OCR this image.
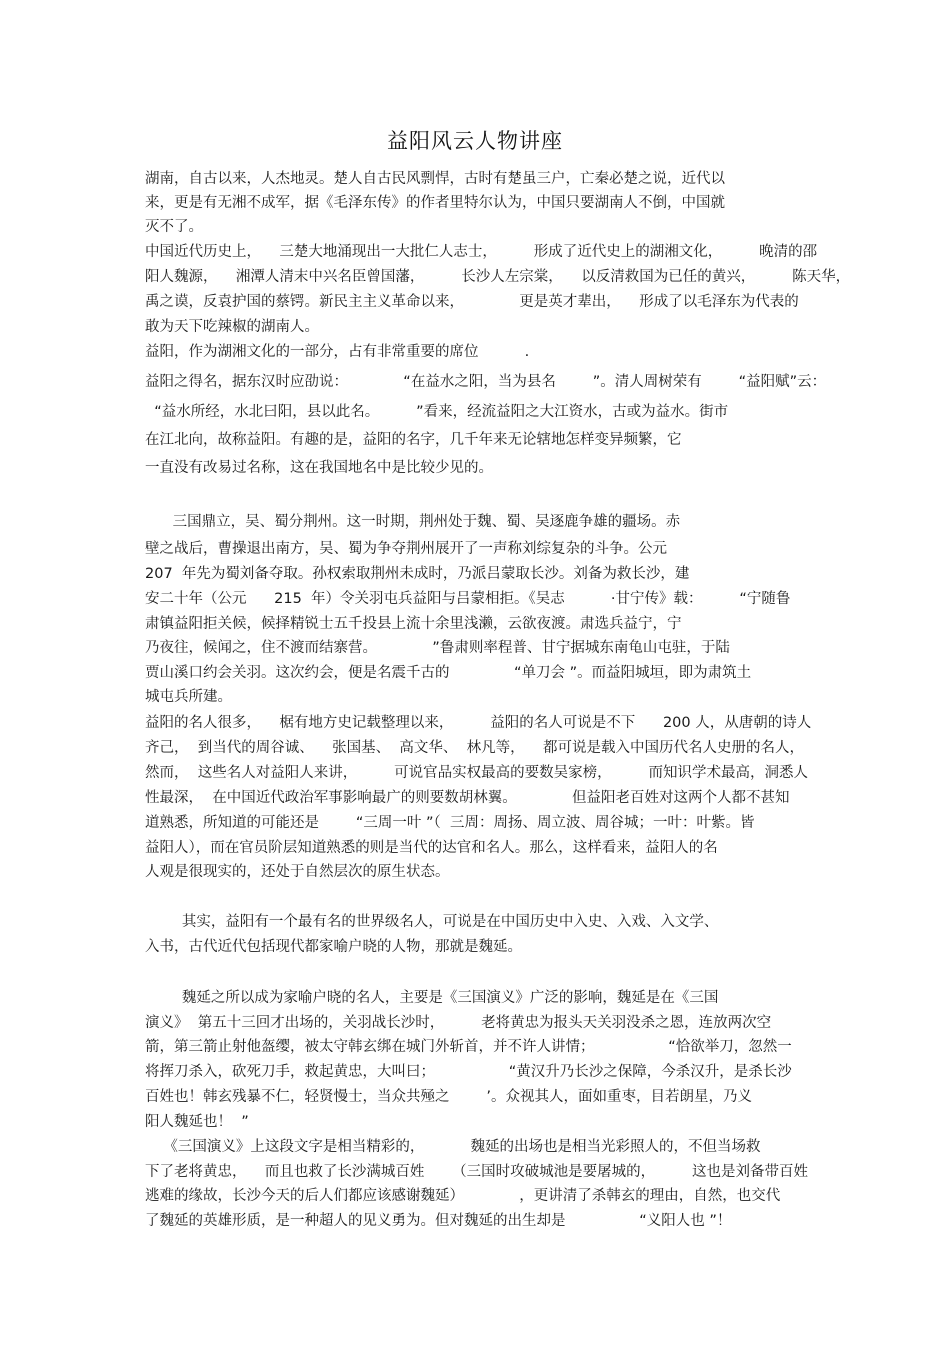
益阳风云人物讲座
湖南，自古以来，人杰地灵。楚人自古民风剽悍，古时有楚虽三户，亡秦必楚之说，近代以
来，更是有无湘不成军，据《毛泽东传》的作者里特尔认为，中国只要湖南人不倒，中国就
灭不了。
中国近代历史上，    三楚大地涌现出一大批仁人志士，        形成了近代史上的湖湘文化，        晚清的邵
阳人魏源，    湘潭人清末中兴名臣曾国藩，        长沙人左宗棠，    以反清救国为已任的黄兴，        陈天华，
禹之谟，反袁护国的蔡锷。新民主主义革命以来，            更是英才辈出，    形成了以毛泽东为代表的
敢为天下吃辣椒的湖南人。
益阳，作为湖湘文化的一部分，占有非常重要的席位          .
益阳之得名，据东汉时应劭说：            “在益水之阳，当为县名        ”。清人周树荣有        “益阳赋”云：
“益水所经，水北曰阳，县以此名。        ”看来，经流益阳之大江资水，古或为益水。街市
在江北向，故称益阳。有趣的是，益阳的名字，几千年来无论辖地怎样变异频繁，它
一直没有改易过名称，这在我国地名中是比较少见的。
三国鼎立，吴、蜀分荆州。这一时期，荆州处于魏、蜀、吴逐鹿争雄的疆场。赤
壁之战后，曹操退出南方，吴、蜀为争夺荆州展开了一声称刘综复杂的斗争。公元
207  年先为蜀刘备夺取。孙权索取荆州未成时，乃派吕蒙取长沙。刘备为救长沙，建
安二十年（公元      215  年）令关羽屯兵益阳与吕蒙相拒。《吴志          ·甘宁传》载：        “宁随鲁
肃镇益阳拒关候，候择精锐士五千投县上流十余里浅濑，云欲夜渡。肃选兵益宁，宁
乃夜往，候闻之，住不渡而结寨营。            ”鲁肃则率程普、甘宁据城东南龟山屯驻，于陆
贾山溪口约会关羽。这次约会，便是名震千古的              “单刀会 ”。而益阳城垣，即为肃筑土
城屯兵所建。
益阳的名人很多，    椐有地方史记载整理以来，        益阳的名人可说是不下      200 人，从唐朝的诗人
齐己，  到当代的周谷诚、    张国基、  高文华、  林凡等，    都可说是载入中国历代名人史册的名人，
然而，  这些名人对益阳人来讲，        可说官品实权最高的要数吴家榜，        而知识学术最高，洞悉人
性最深，  在中国近代政治军事影响最广的则要数胡林翼。            但益阳老百姓对这两个人都不甚知
道熟悉，所知道的可能还是        “三周一叶 ”（  三周：周扬、周立波、周谷城；一叶：叶紫。皆
益阳人），而在官员阶层知道熟悉的则是当代的达官和名人。那么，这样看来，益阳人的名
人观是很现实的，还处于自然层次的原生状态。
其实，益阳有一个最有名的世界级名人，可说是在中国历史中入史、入戏、入文学、
入书，古代近代包括现代都家喻户晓的人物，那就是魏延。
魏延之所以成为家喻户晓的名人，主要是《三国演义》广泛的影响，魏延是在《三国
演义》  第五十三回才出场的，关羽战长沙时，        老将黄忠为报头天关羽没杀之恩，连放两次空
箭，第三箭止射他盔缨，被太守韩玄绑在城门外斩首，并不许人讲情；                “恰欲举刀，忽然一
将挥刀杀入，砍死刀手，救起黄忠，大叫曰；                “黄汉升乃长沙之保障，今杀汉升，是杀长沙
百姓也！韩玄残暴不仁，轻贤慢士，当众共殛之        ’。众视其人，面如重枣，目若朗星，乃义
阳人魏延也！  ”
《三国演义》上这段文字是相当精彩的，          魏延的出场也是相当光彩照人的，不但当场救
下了老将黄忠，    而且也救了长沙满城百姓      （三国时攻破城池是要屠城的，        这也是刘备带百姓
逃难的缘故，长沙今天的后人们都应该感谢魏延）            ，更讲清了杀韩玄的理由，自然，也交代
了魏延的英雄形质，是一种超人的见义勇为。但对魏延的出生却是                “义阳人也 ”！
